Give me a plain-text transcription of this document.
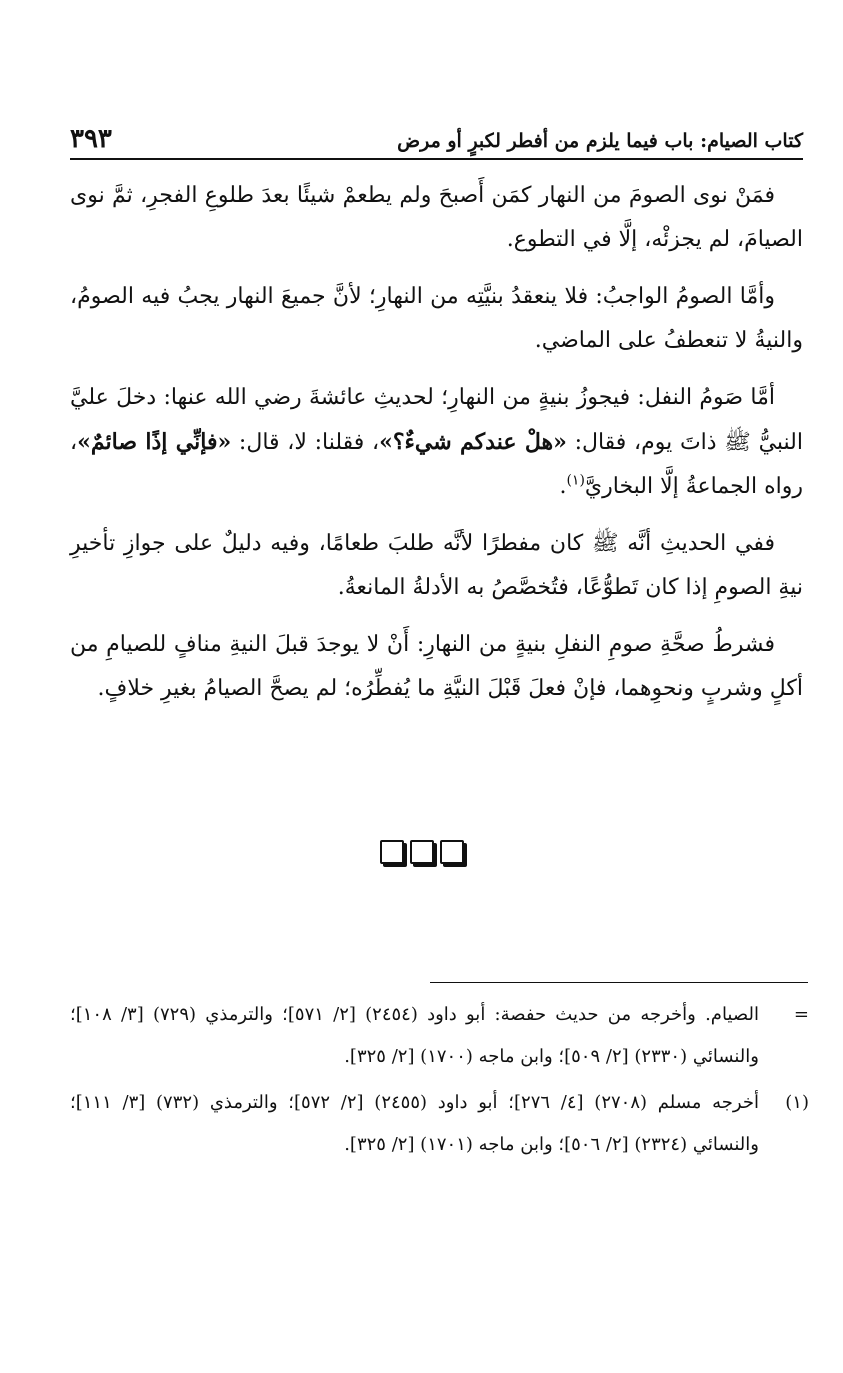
كتاب الصيام: باب فيما يلزم من أفطر لكبرٍ أو مرض
٣٩٣

فمَنْ نوى الصومَ من النهار كمَن أَصبحَ ولم يطعمْ شيئًا بعدَ طلوعِ الفجرِ، ثمَّ نوى الصيامَ، لم يجزئْه، إلَّا في التطوع.

وأمَّا الصومُ الواجبُ: فلا ينعقدُ بنيَّتِه من النهارِ؛ لأنَّ جميعَ النهار يجبُ فيه الصومُ، والنيةُ لا تنعطفُ على الماضي.

أمَّا صَومُ النفل: فيجوزُ بنيةٍ من النهارِ؛ لحديثِ عائشةَ رضي الله عنها: دخلَ عليَّ النبيُّ ﷺ ذاتَ يوم، فقال: «هلْ عندكم شيءٌ؟»، فقلنا: لا، قال: «فإنِّي إذًا صائمٌ»، رواه الجماعةُ إلَّا البخاريَّ$^{(١)}$.

ففي الحديثِ أنَّه ﷺ كان مفطرًا لأنَّه طلبَ طعامًا، وفيه دليلٌ على جوازِ تأخيرِ نيةِ الصومِ إذا كان تَطوُّعًا، فتُخصَّصُ به الأدلةُ المانعةُ.

فشرطُ صحَّةِ صومِ النفلِ بنيةٍ من النهارِ: أَنْ لا يوجدَ قبلَ النيةِ منافٍ للصيامِ من أكلٍ وشربٍ ونحوِهما، فإنْ فعلَ قَبْلَ النيَّةِ ما يُفطِّرُه؛ لم يصحَّ الصيامُ بغيرِ خلافٍ.

=
الصيام. وأخرجه من حديث حفصة: أبو داود (٢٤٥٤) [٢/ ٥٧١]؛ والترمذي (٧٢٩) [٣/ ١٠٨]؛ والنسائي (٢٣٣٠) [٢/ ٥٠٩]؛ وابن ماجه (١٧٠٠) [٢/ ٣٢٥].
(١)
أخرجه مسلم (٢٧٠٨) [٤/ ٢٧٦]؛ أبو داود (٢٤٥٥) [٢/ ٥٧٢]؛ والترمذي (٧٣٢) [٣/ ١١١]؛ والنسائي (٢٣٢٤) [٢/ ٥٠٦]؛ وابن ماجه (١٧٠١) [٢/ ٣٢٥].
